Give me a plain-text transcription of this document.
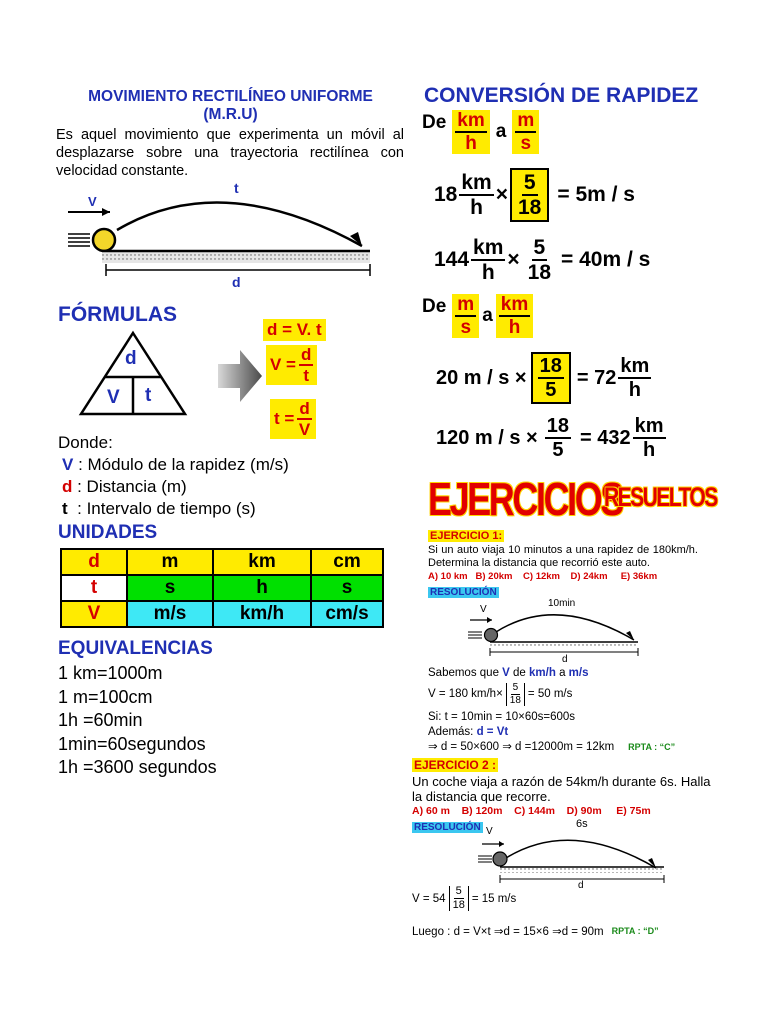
MOVIMIENTO RECTILÍNEO UNIFORME
(M.R.U)
Es aquel movimiento que experimenta un móvil al desplazarse sobre una trayectoria rectilínea con velocidad constante.
V
t
d
FÓRMULAS
d
V t
d = V. t
$V = \frac{d}{t}$
$t = \frac{d}{V}$
Donde:
V : Módulo de la rapidez (m/s)
d : Distancia (m)
t  : Intervalo de tiempo (s)
UNIDADES
d	m	km	cm
t	s	h	s
V	m/s	km/h	cm/s
EQUIVALENCIAS
1 km=1000m
1 m=100cm
1h =60min
1min=60segundos
1h =3600 segundos
CONVERSIÓN DE RAPIDEZ
De $\frac{km}{h}$ a $\frac{m}{s}$
$18 \frac{km}{h} \times \frac{5}{18} = 5m / s$
$144 \frac{km}{h} \times \frac{5}{18} = 40m / s$
De $\frac{m}{s}$ a $\frac{km}{h}$
20 $m / s \times \frac{18}{5} = 72 \frac{km}{h}$
120 $m / s \times \frac{18}{5} = 432 \frac{km}{h}$
EJERCICIOS
RESUELTOS
EJERCICIO 1:
Si un auto viaja 10 minutos a una rapidez de 180km/h. Determina la distancia que recorrió este auto.
A) 10 km   B) 20km    C) 12km    D) 24km     E) 36km
RESOLUCIÓN
V
10min
d
Sabemos que V de km/h a m/s
V = 180 $km/h\times \frac{5}{18} = 50$ m/s
Si: t = 10min = 10×60s=600s
Además: d = Vt
⇒ d = 50×600 ⇒ d =12000m = 12km RPTA : “C”
EJERCICIO 2 :
Un coche viaja a razón de 54km/h durante 6s. Halla la distancia que recorre.
A) 60 m    B) 120m    C) 144m    D) 90m     E) 75m
RESOLUCIÓN V
6s
d
$V = 54 \frac{5}{18} = 15$ m/s
Luego : d = V×t ⇒d = 15×6 ⇒d = 90m RPTA : “D”
